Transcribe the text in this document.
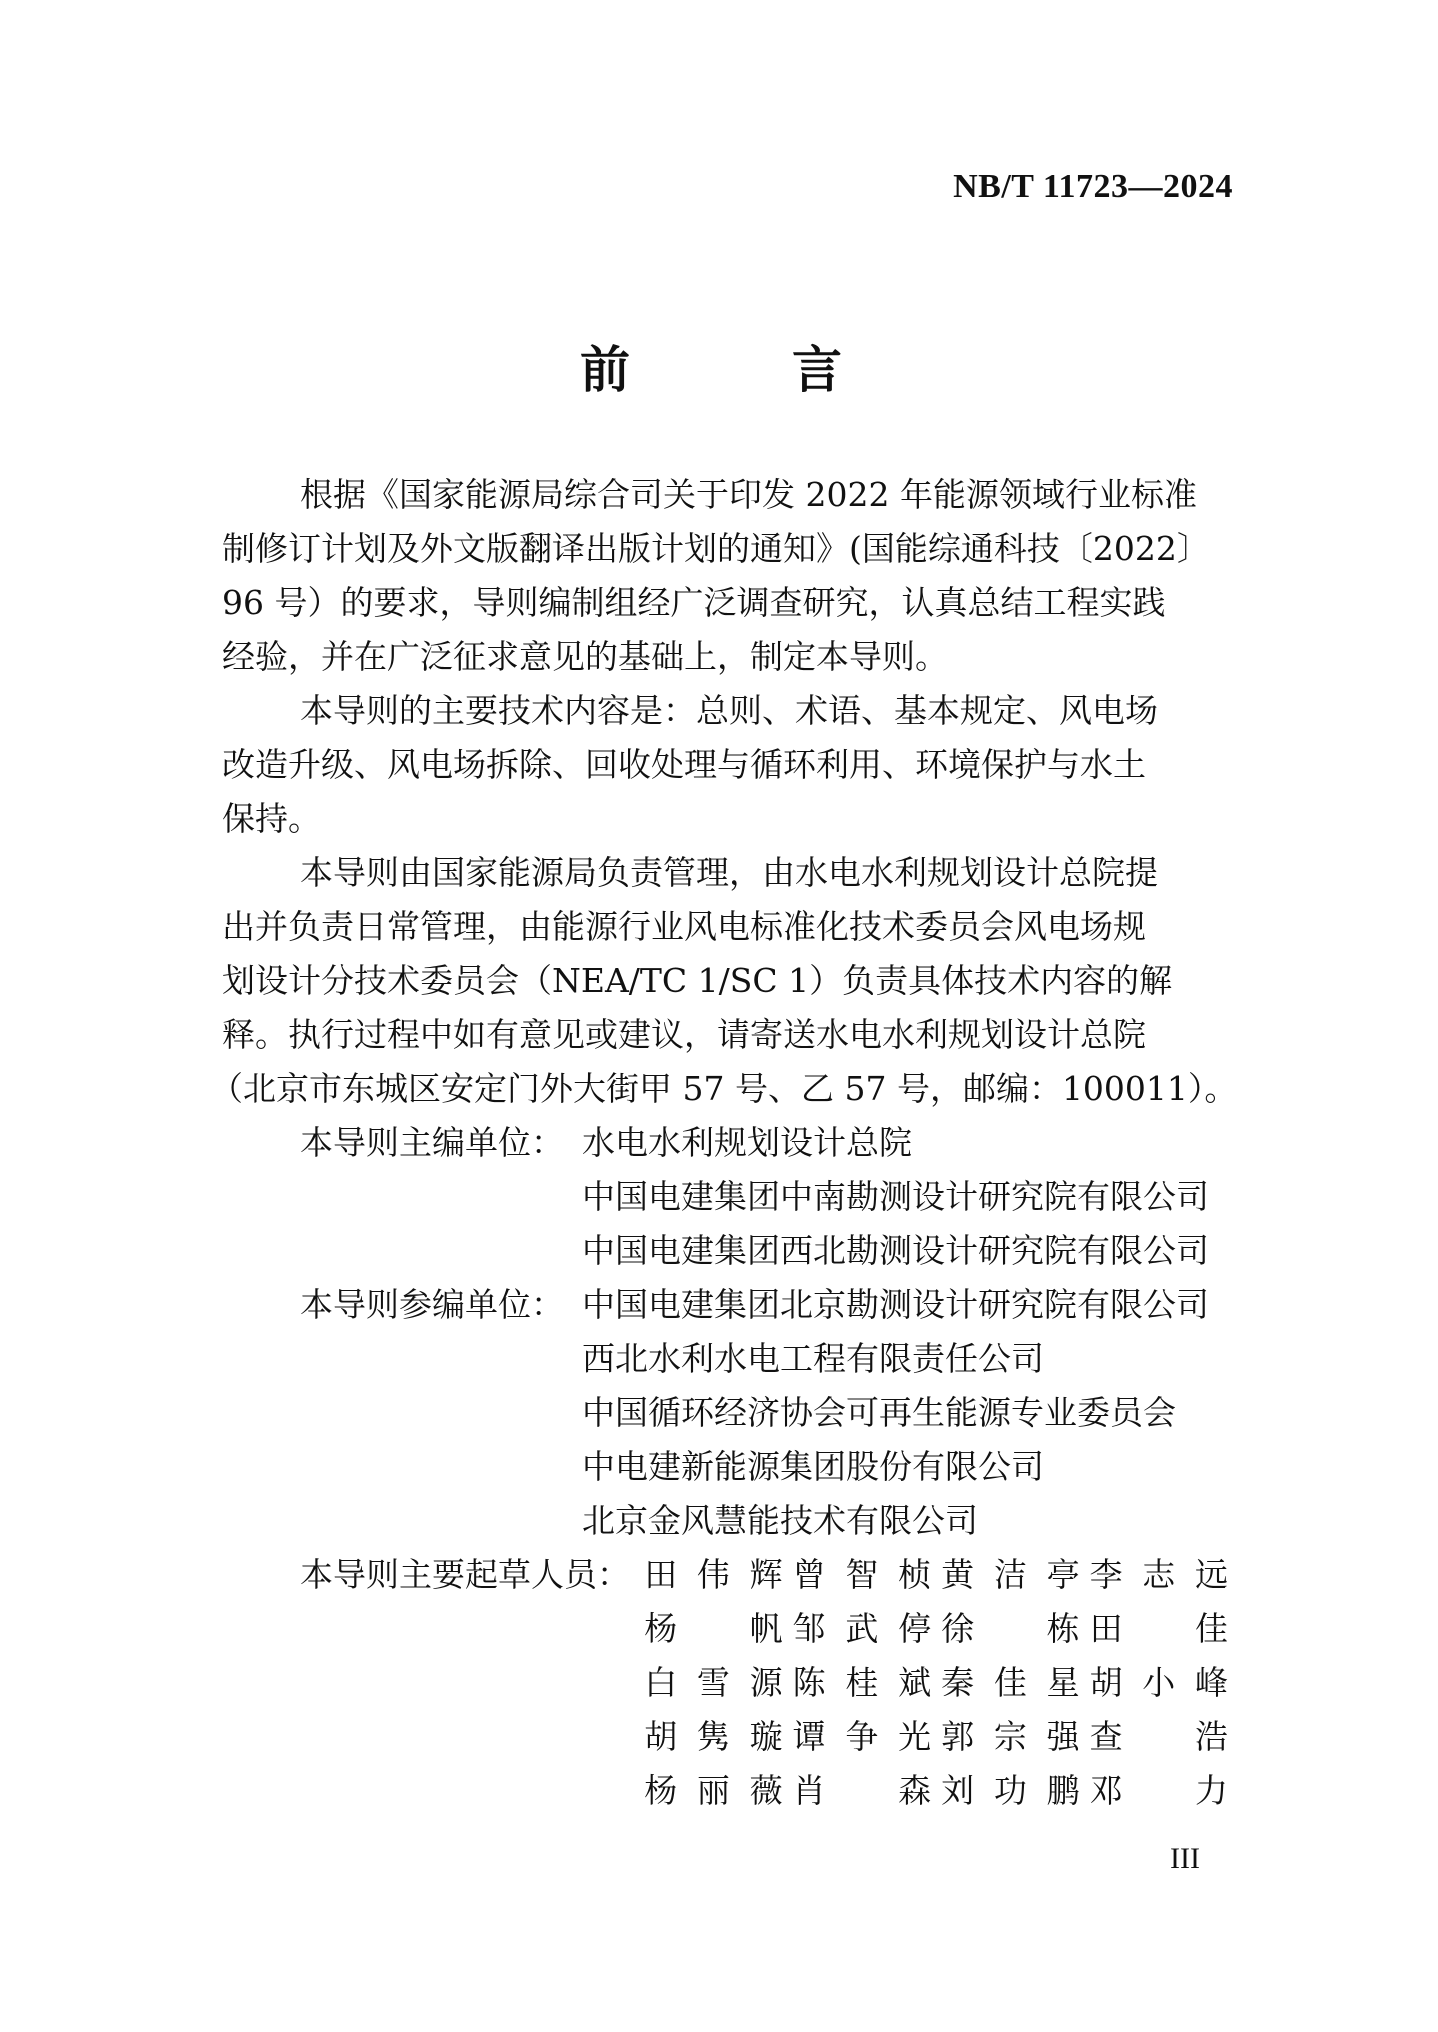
NB/T 11723—2024
前　言
根据《国家能源局综合司关于印发 2022 年能源领域行业标准
制修订计划及外文版翻译出版计划的通知》(国能综通科技〔2022〕
96 号）的要求，导则编制组经广泛调查研究，认真总结工程实践
经验，并在广泛征求意见的基础上，制定本导则。
本导则的主要技术内容是：总则、术语、基本规定、风电场
改造升级、风电场拆除、回收处理与循环利用、环境保护与水土
保持。
本导则由国家能源局负责管理，由水电水利规划设计总院提
出并负责日常管理，由能源行业风电标准化技术委员会风电场规
划设计分技术委员会（NEA/TC 1/SC 1）负责具体技术内容的解
释。执行过程中如有意见或建议，请寄送水电水利规划设计总院
（北京市东城区安定门外大街甲 57 号、乙 57 号，邮编：100011）。
本导则主编单位： 水电水利规划设计总院
中国电建集团中南勘测设计研究院有限公司
中国电建集团西北勘测设计研究院有限公司
本导则参编单位： 中国电建集团北京勘测设计研究院有限公司
西北水利水电工程有限责任公司
中国循环经济协会可再生能源专业委员会
中电建新能源集团股份有限公司
北京金风慧能技术有限公司
本导则主要起草人员： 田伟辉 曾智桢 黄洁亭 李志远
杨　帆 邹武停 徐　栋 田　佳
白雪源 陈桂斌 秦佳星 胡小峰
胡隽璇 谭争光 郭宗强 查　浩
杨丽薇 肖　森 刘功鹏 邓　力
III
